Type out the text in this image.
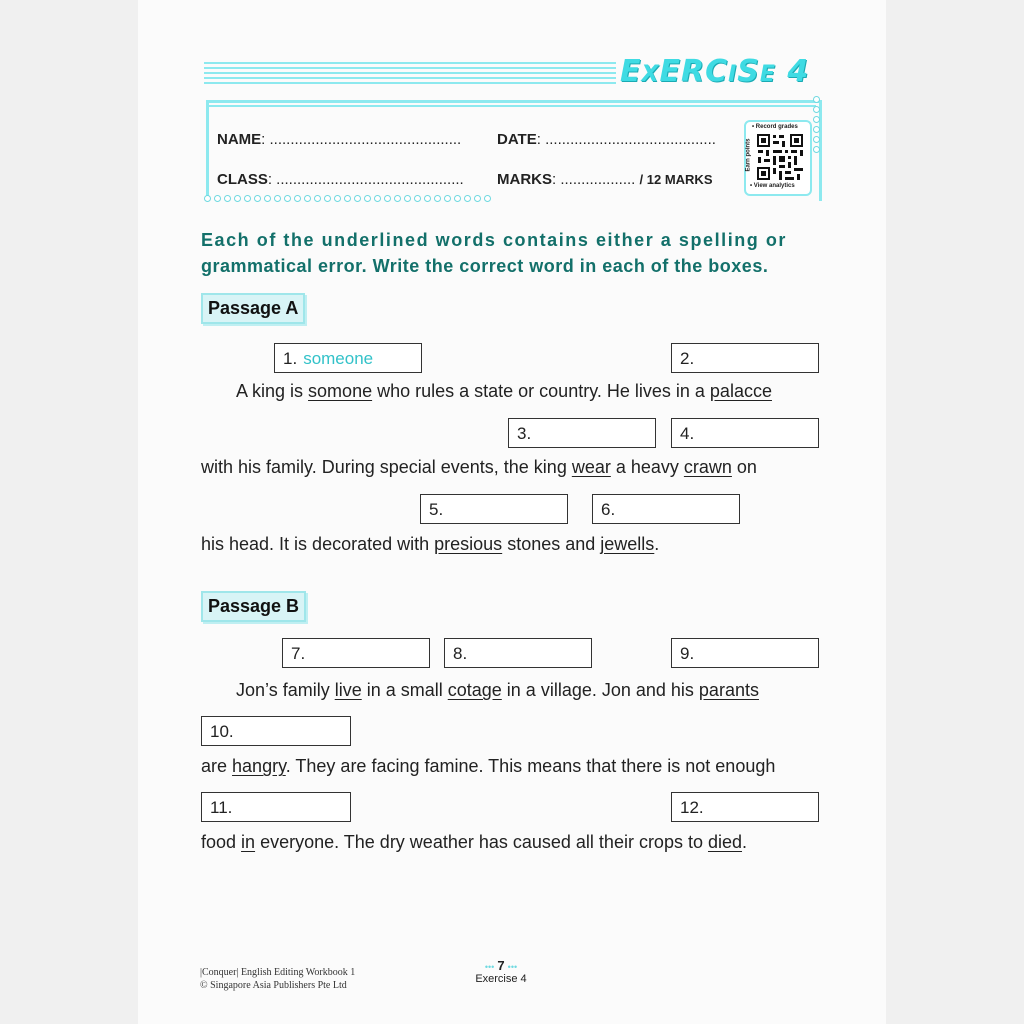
EXERCISE 4
NAME: .............................................. DATE: .........................................
CLASS: ............................................. MARKS: .................. / 12 MARKS
• Record grades
Earn points
• View analytics
Each of the underlined words contains either a spelling or
grammatical error. Write the correct word in each of the boxes.
Passage A
1. someone	2.
A king is somone who rules a state or country. He lives in a palacce
3.	4.
with his family. During special events, the king wear a heavy crawn on
5.	6.
his head. It is decorated with presious stones and jewells.
Passage B
7.	8.	9.
Jon’s family live in a small cotage in a village. Jon and his parants
10.
are hangry. They are facing famine. This means that there is not enough
11.	12.
food in everyone. The dry weather has caused all their crops to died.
|Conquer| English Editing Workbook 1
© Singapore Asia Publishers Pte Ltd
••• 7 •••
Exercise 4
